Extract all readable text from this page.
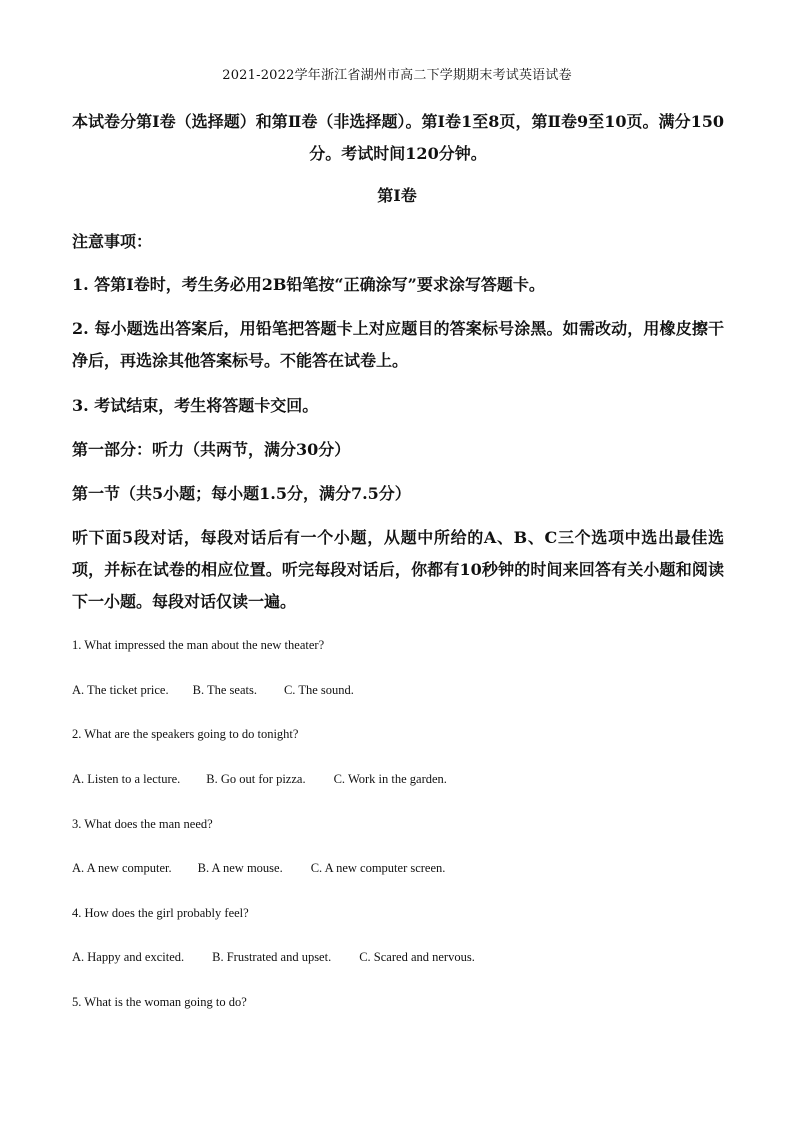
2021-2022学年浙江省湖州市高二下学期期末考试英语试卷
本试卷分第Ⅰ卷（选择题）和第Ⅱ卷（非选择题）。第Ⅰ卷1至8页，第Ⅱ卷9至10页。满分150分。考试时间120分钟。
第Ⅰ卷
注意事项：
1. 答第Ⅰ卷时，考生务必用2B铅笔按“正确涂写”要求涂写答题卡。
2. 每小题选出答案后，用铅笔把答题卡上对应题目的答案标号涂黑。如需改动，用橡皮擦干净后，再选涂其他答案标号。不能答在试卷上。
3. 考试结束，考生将答题卡交回。
第一部分：听力（共两节，满分30分）
第一节（共5小题；每小题1.5分，满分7.5分）
听下面5段对话，每段对话后有一个小题，从题中所给的A、B、C三个选项中选出最佳选项，并标在试卷的相应位置。听完每段对话后，你都有10秒钟的时间来回答有关小题和阅读下一小题。每段对话仅读一遍。
1. What impressed the man about the new theater?
A. The ticket price. B. The seats. C. The sound.
2. What are the speakers going to do tonight?
A. Listen to a lecture. B. Go out for pizza. C. Work in the garden.
3. What does the man need?
A. A new computer. B. A new mouse. C. A new computer screen.
4. How does the girl probably feel?
A. Happy and excited. B. Frustrated and upset. C. Scared and nervous.
5. What is the woman going to do?
